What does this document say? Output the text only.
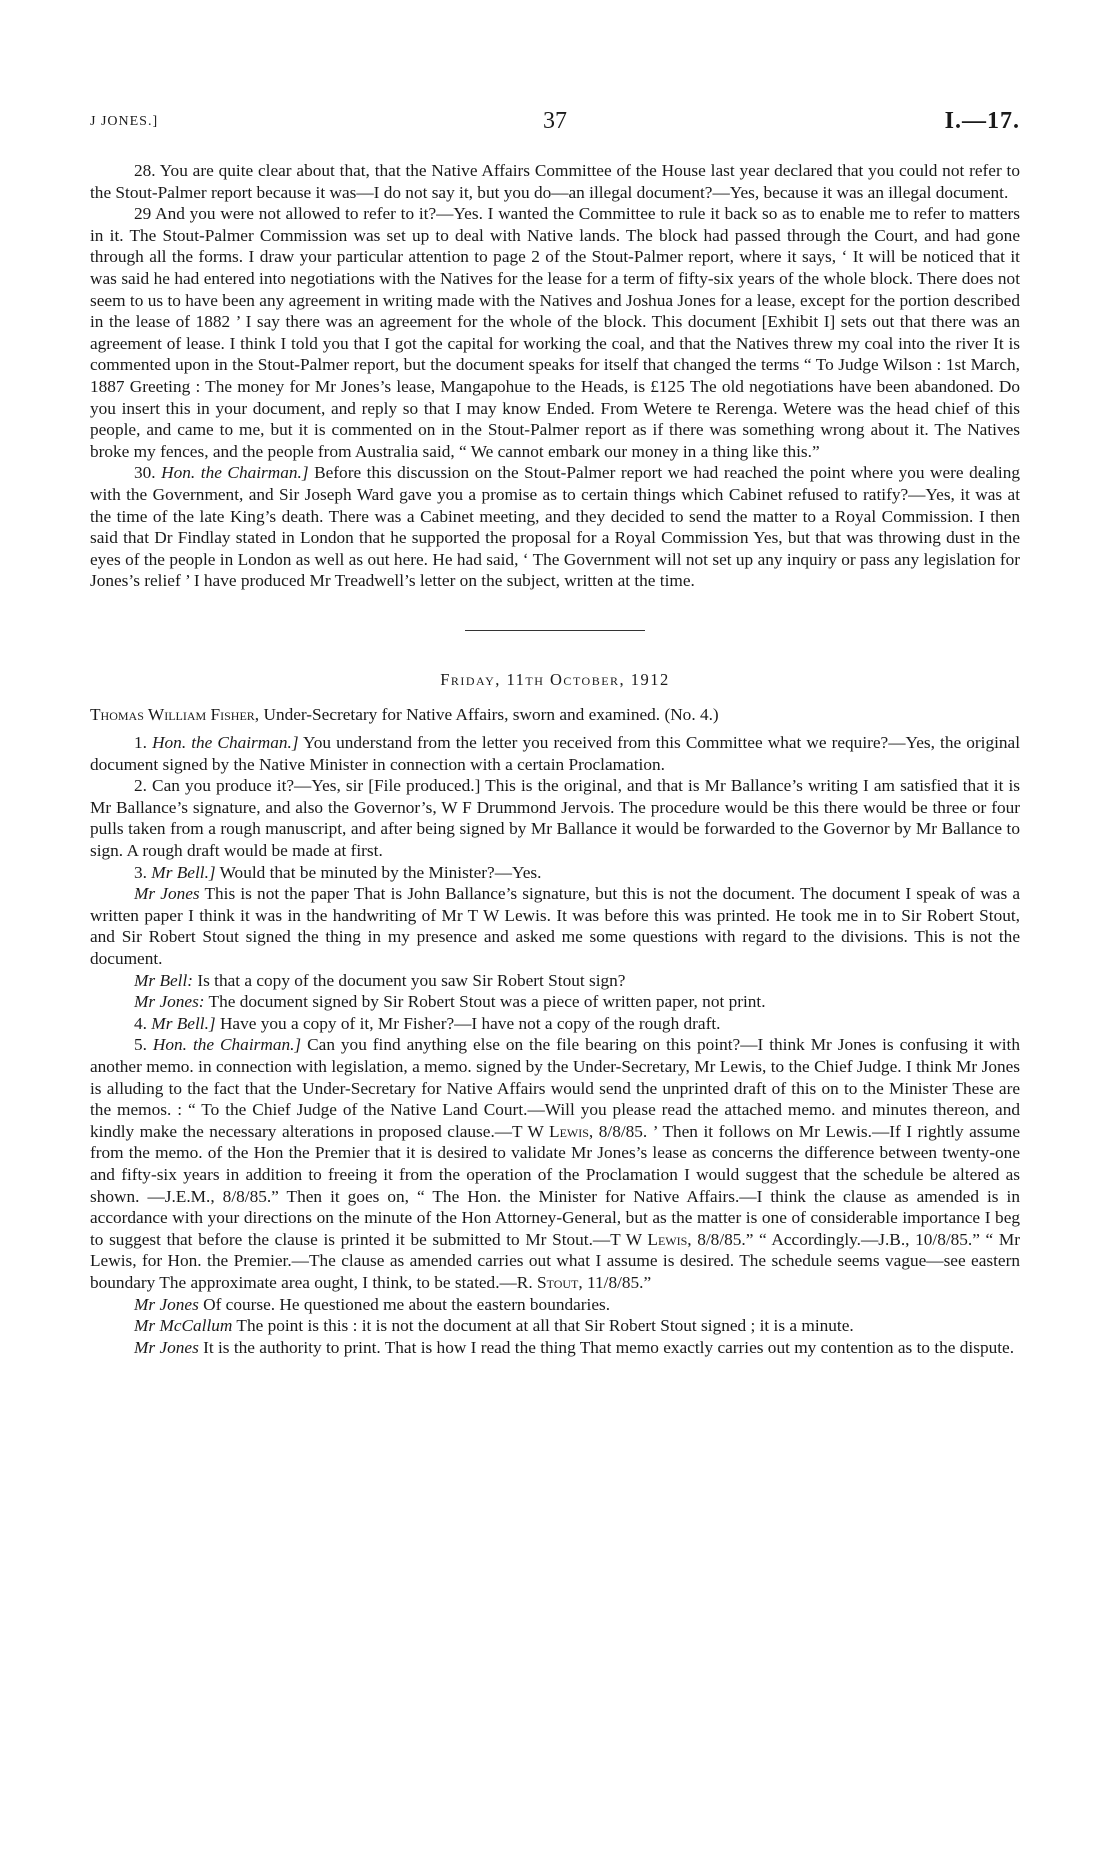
J JONES.]	37	I.—17.

28. You are quite clear about that, that the Native Affairs Committee of the House last year declared that you could not refer to the Stout-Palmer report because it was—I do not say it, but you do—an illegal document?—Yes, because it was an illegal document.

29 And you were not allowed to refer to it?—Yes. I wanted the Committee to rule it back so as to enable me to refer to matters in it. The Stout-Palmer Commission was set up to deal with Native lands. The block had passed through the Court, and had gone through all the forms. I draw your particular attention to page 2 of the Stout-Palmer report, where it says, ‘ It will be noticed that it was said he had entered into negotiations with the Natives for the lease for a term of fifty-six years of the whole block. There does not seem to us to have been any agreement in writing made with the Natives and Joshua Jones for a lease, except for the portion described in the lease of 1882 ’ I say there was an agreement for the whole of the block. This document [Exhibit I] sets out that there was an agreement of lease. I think I told you that I got the capital for working the coal, and that the Natives threw my coal into the river It is commented upon in the Stout-Palmer report, but the document speaks for itself that changed the terms “ To Judge Wilson : 1st March, 1887 Greeting : The money for Mr Jones’s lease, Mangapohue to the Heads, is £125 The old negotiations have been abandoned. Do you insert this in your document, and reply so that I may know Ended. From Wetere te Rerenga. Wetere was the head chief of this people, and came to me, but it is commented on in the Stout-Palmer report as if there was something wrong about it. The Natives broke my fences, and the people from Australia said, “ We cannot embark our money in a thing like this.”

30. Hon. the Chairman.] Before this discussion on the Stout-Palmer report we had reached the point where you were dealing with the Government, and Sir Joseph Ward gave you a promise as to certain things which Cabinet refused to ratify?—Yes, it was at the time of the late King’s death. There was a Cabinet meeting, and they decided to send the matter to a Royal Commission. I then said that Dr Findlay stated in London that he supported the proposal for a Royal Commission Yes, but that was throwing dust in the eyes of the people in London as well as out here. He had said, ‘ The Government will not set up any inquiry or pass any legislation for Jones’s relief ’ I have produced Mr Treadwell’s letter on the subject, written at the time.

Friday, 11th October, 1912

Thomas William Fisher, Under-Secretary for Native Affairs, sworn and examined. (No. 4.)

1. Hon. the Chairman.] You understand from the letter you received from this Committee what we require?—Yes, the original document signed by the Native Minister in connection with a certain Proclamation.

2. Can you produce it?—Yes, sir [File produced.] This is the original, and that is Mr Ballance’s writing I am satisfied that it is Mr Ballance’s signature, and also the Governor’s, W F Drummond Jervois. The procedure would be this there would be three or four pulls taken from a rough manuscript, and after being signed by Mr Ballance it would be forwarded to the Governor by Mr Ballance to sign. A rough draft would be made at first.

3. Mr Bell.] Would that be minuted by the Minister?—Yes.

Mr Jones This is not the paper That is John Ballance’s signature, but this is not the document. The document I speak of was a written paper I think it was in the handwriting of Mr T W Lewis. It was before this was printed. He took me in to Sir Robert Stout, and Sir Robert Stout signed the thing in my presence and asked me some questions with regard to the divisions. This is not the document.

Mr Bell: Is that a copy of the document you saw Sir Robert Stout sign?

Mr Jones: The document signed by Sir Robert Stout was a piece of written paper, not print.

4. Mr Bell.] Have you a copy of it, Mr Fisher?—I have not a copy of the rough draft.

5. Hon. the Chairman.] Can you find anything else on the file bearing on this point?—I think Mr Jones is confusing it with another memo. in connection with legislation, a memo. signed by the Under-Secretary, Mr Lewis, to the Chief Judge. I think Mr Jones is alluding to the fact that the Under-Secretary for Native Affairs would send the unprinted draft of this on to the Minister These are the memos. : “ To the Chief Judge of the Native Land Court.—Will you please read the attached memo. and minutes thereon, and kindly make the necessary alterations in proposed clause.—T W Lewis, 8/8/85. ’ Then it follows on Mr Lewis.—If I rightly assume from the memo. of the Hon the Premier that it is desired to validate Mr Jones’s lease as concerns the difference between twenty-one and fifty-six years in addition to freeing it from the operation of the Proclamation I would suggest that the schedule be altered as shown. —J.E.M., 8/8/85.” Then it goes on, “ The Hon. the Minister for Native Affairs.—I think the clause as amended is in accordance with your directions on the minute of the Hon Attorney-General, but as the matter is one of considerable importance I beg to suggest that before the clause is printed it be submitted to Mr Stout.—T W Lewis, 8/8/85.” “ Accordingly.—J.B., 10/8/85.” “ Mr Lewis, for Hon. the Premier.—The clause as amended carries out what I assume is desired. The schedule seems vague—see eastern boundary The approximate area ought, I think, to be stated.—R. Stout, 11/8/85.”

Mr Jones Of course. He questioned me about the eastern boundaries.

Mr McCallum The point is this : it is not the document at all that Sir Robert Stout signed ; it is a minute.

Mr Jones It is the authority to print. That is how I read the thing That memo exactly carries out my contention as to the dispute.
